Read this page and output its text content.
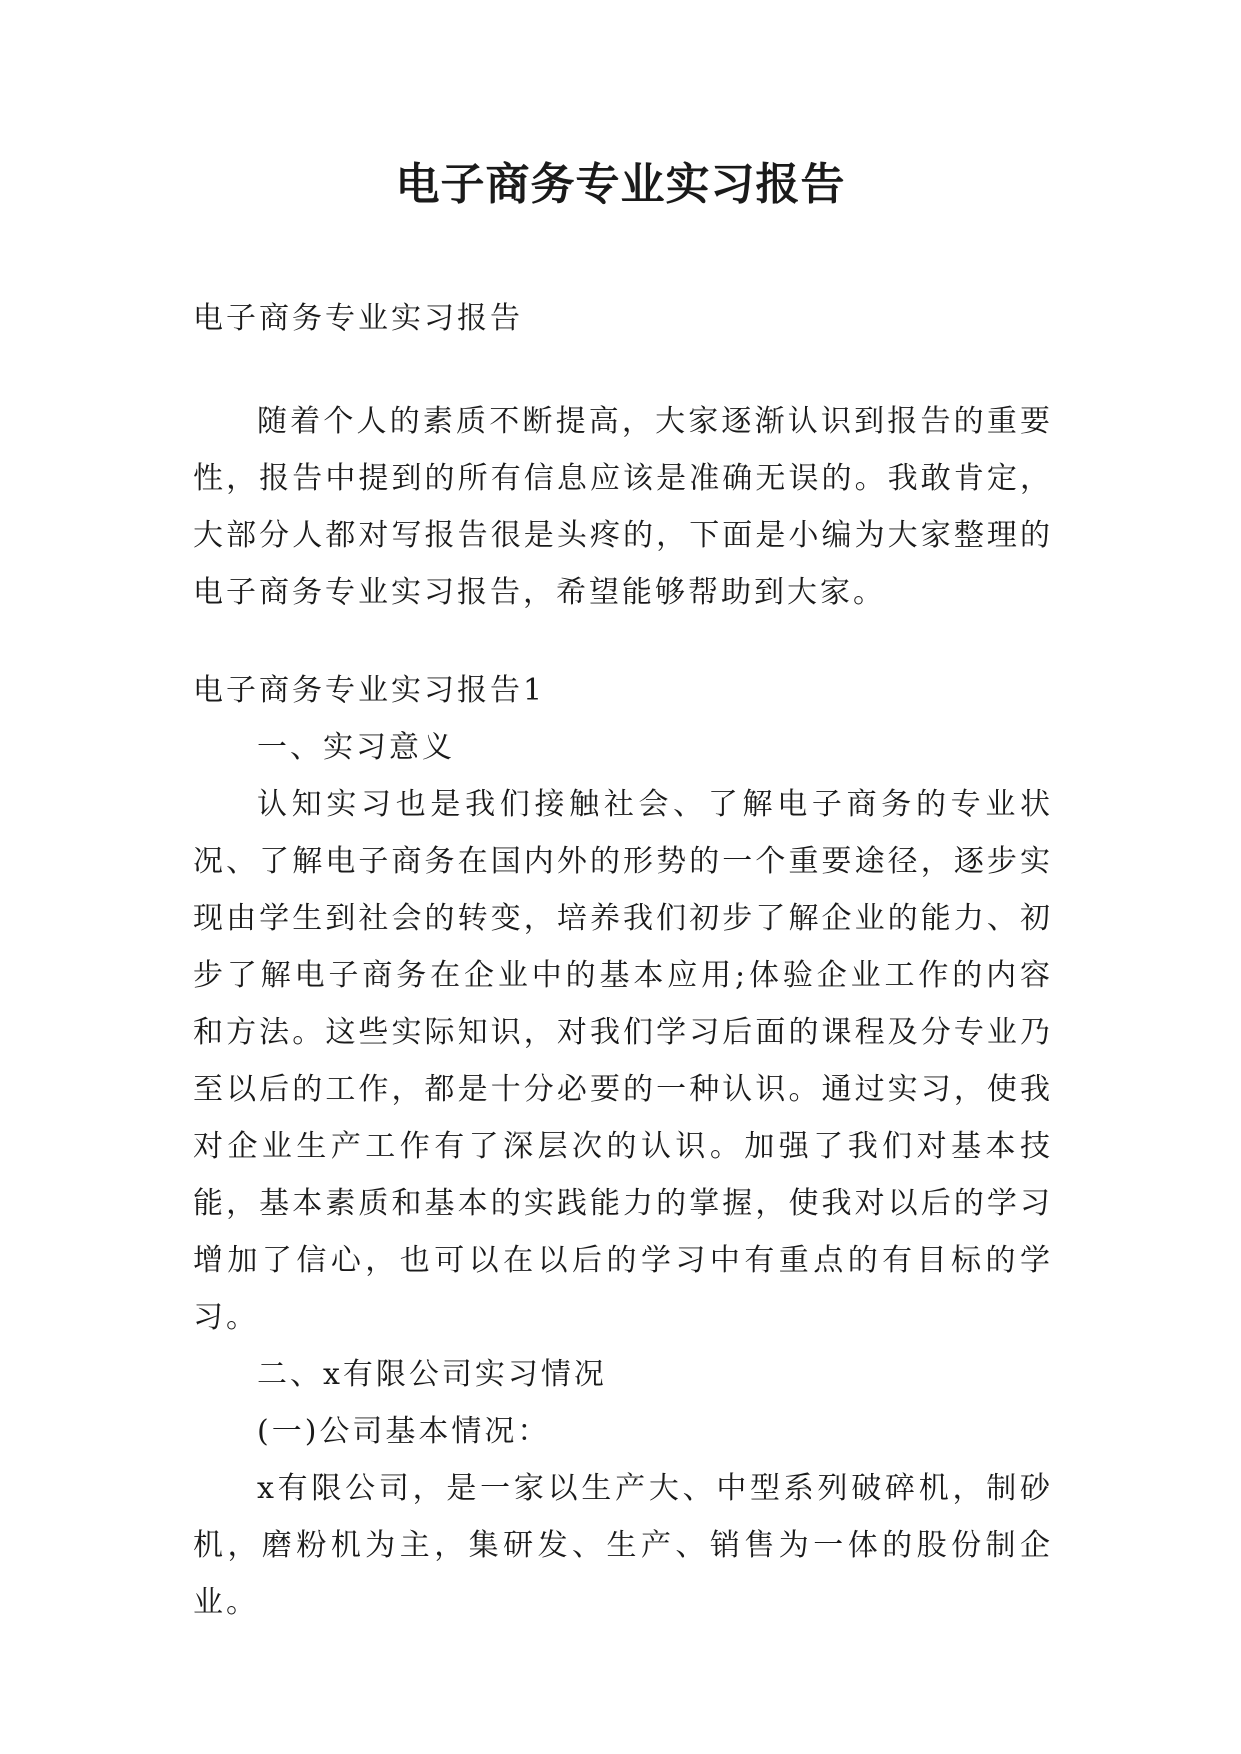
电子商务专业实习报告

电子商务专业实习报告

随着个人的素质不断提高，大家逐渐认识到报告的重要性，报告中提到的所有信息应该是准确无误的。我敢肯定，大部分人都对写报告很是头疼的，下面是小编为大家整理的电子商务专业实习报告，希望能够帮助到大家。

电子商务专业实习报告1

一、实习意义

认知实习也是我们接触社会、了解电子商务的专业状况、了解电子商务在国内外的形势的一个重要途径，逐步实现由学生到社会的转变，培养我们初步了解企业的能力、初步了解电子商务在企业中的基本应用;体验企业工作的内容和方法。这些实际知识，对我们学习后面的课程及分专业乃至以后的工作，都是十分必要的一种认识。通过实习，使我对企业生产工作有了深层次的认识。加强了我们对基本技能，基本素质和基本的实践能力的掌握，使我对以后的学习增加了信心，也可以在以后的学习中有重点的有目标的学习。

二、x有限公司实习情况

(一)公司基本情况：

x有限公司，是一家以生产大、中型系列破碎机，制砂机，磨粉机为主，集研发、生产、销售为一体的股份制企业。
